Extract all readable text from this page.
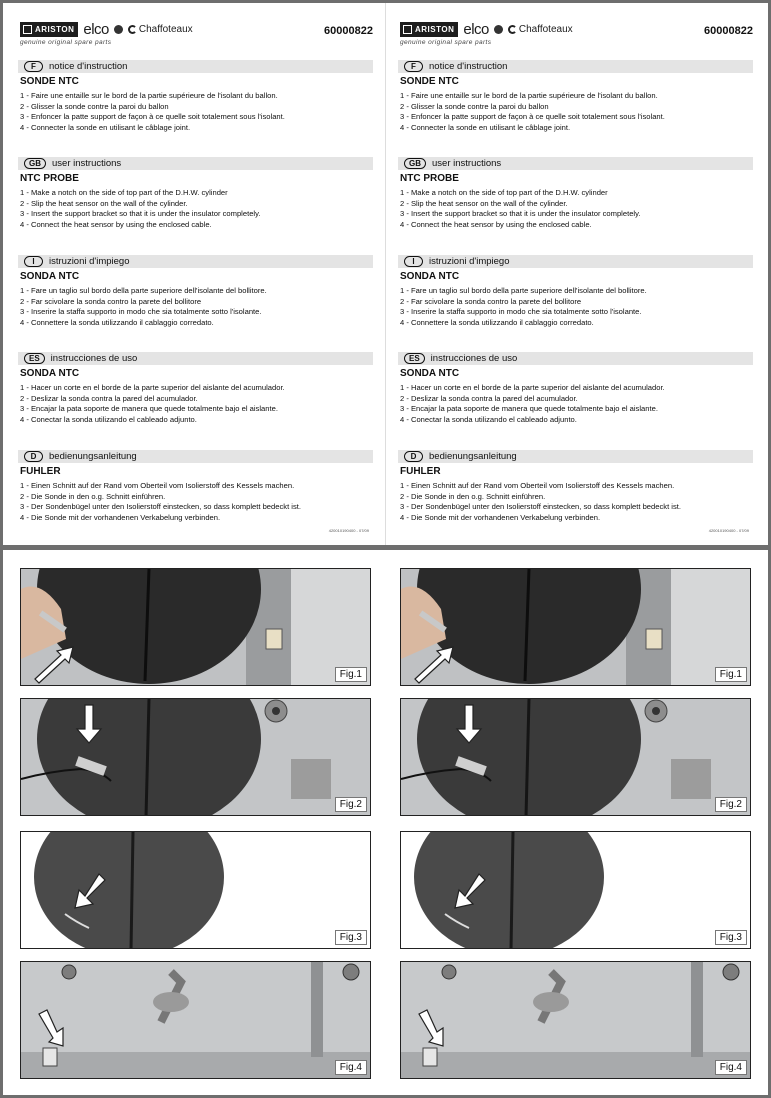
ARISTON elco	Chaffoteaux	60000822
genuine original spare parts
F	notice d'instruction
SONDE NTC
1 - Faire une entaille sur le bord de la partie supérieure de l'isolant du ballon.
2 - Glisser la sonde contre la paroi du ballon
3 - Enfoncer la patte support de façon à ce quelle soit totalement sous l'isolant.
4 - Connecter la sonde en utilisant le câblage joint.
GB	user instructions
NTC PROBE
1 - Make a notch on the side of top part of the D.H.W. cylinder
2 - Slip the heat sensor on the wall of the cylinder.
3 - Insert the support bracket so that it is under the insulator completely.
4 - Connect the heat sensor by using the enclosed cable.
I	istruzioni d'impiego
SONDA NTC
1 - Fare un taglio sul bordo della parte superiore dell'isolante del bollitore.
2 - Far scivolare la sonda contro la parete del bollitore
3 - Inserire la staffa supporto in modo che sia totalmente sotto l'isolante.
4 - Connettere la sonda utilizzando il cablaggio corredato.
ES	instrucciones de uso
SONDA NTC
1 - Hacer un corte en el borde de la parte superior del aislante del acumulador.
2 - Deslizar la sonda contra la pared del acumulador.
3 - Encajar la pata soporte de manera que quede totalmente bajo el aislante.
4 - Conectar la sonda utilizando el cableado adjunto.
D	bedienungsanleitung
FUHLER
1 - Einen Schnitt auf der Rand vom Oberteil vom Isolierstoff des Kessels machen.
2 - Die Sonde in den o.g. Schnitt einführen.
3 - Der Sondenbügel unter den Isolierstoff einstecken, so dass komplett bedeckt ist.
4 - Die Sonde mit der vorhandenen Verkabelung verbinden.
420010190400 - 07/09
ARISTON elco	Chaffoteaux	60000822
genuine original spare parts
F	notice d'instruction
SONDE NTC
1 - Faire une entaille sur le bord de la partie supérieure de l'isolant du ballon.
2 - Glisser la sonde contre la paroi du ballon
3 - Enfoncer la patte support de façon à ce quelle soit totalement sous l'isolant.
4 - Connecter la sonde en utilisant le câblage joint.
GB	user instructions
NTC PROBE
1 - Make a notch on the side of top part of the D.H.W. cylinder
2 - Slip the heat sensor on the wall of the cylinder.
3 - Insert the support bracket so that it is under the insulator completely.
4 - Connect the heat sensor by using the enclosed cable.
I	istruzioni d'impiego
SONDA NTC
1 - Fare un taglio sul bordo della parte superiore dell'isolante del bollitore.
2 - Far scivolare la sonda contro la parete del bollitore
3 - Inserire la staffa supporto in modo che sia totalmente sotto l'isolante.
4 - Connettere la sonda utilizzando il cablaggio corredato.
ES	instrucciones de uso
SONDA NTC
1 - Hacer un corte en el borde de la parte superior del aislante del acumulador.
2 - Deslizar la sonda contra la pared del acumulador.
3 - Encajar la pata soporte de manera que quede totalmente bajo el aislante.
4 - Conectar la sonda utilizando el cableado adjunto.
D	bedienungsanleitung
FUHLER
1 - Einen Schnitt auf der Rand vom Oberteil vom Isolierstoff des Kessels machen.
2 - Die Sonde in den o.g. Schnitt einführen.
3 - Der Sondenbügel unter den Isolierstoff einstecken, so dass komplett bedeckt ist.
4 - Die Sonde mit der vorhandenen Verkabelung verbinden.
420010190400 - 07/09
Fig.1	Fig.1
Fig.2	Fig.2
Fig.3	Fig.3
Fig.4	Fig.4
